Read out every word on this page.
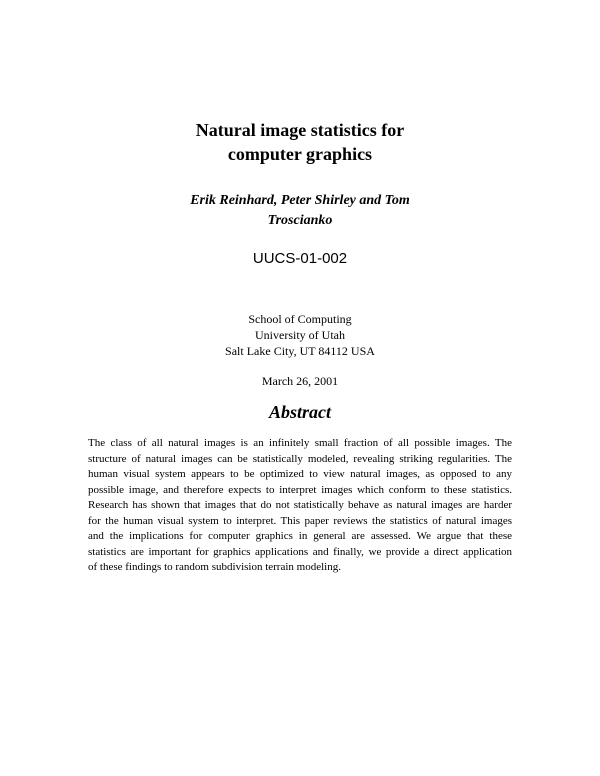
Natural image statistics for
computer graphics
Erik Reinhard, Peter Shirley and Tom
Troscianko
UUCS-01-002
School of Computing
University of Utah
Salt Lake City, UT 84112 USA
March 26, 2001
Abstract
The class of all natural images is an infinitely small fraction of all possible images. The
structure of natural images can be statistically modeled, revealing striking regularities. The
human visual system appears to be optimized to view natural images, as opposed to any
possible image, and therefore expects to interpret images which conform to these statistics.
Research has shown that images that do not statistically behave as natural images are harder
for the human visual system to interpret. This paper reviews the statistics of natural images
and the implications for computer graphics in general are assessed. We argue that these
statistics are important for graphics applications and finally, we provide a direct application
of these findings to random subdivision terrain modeling.
